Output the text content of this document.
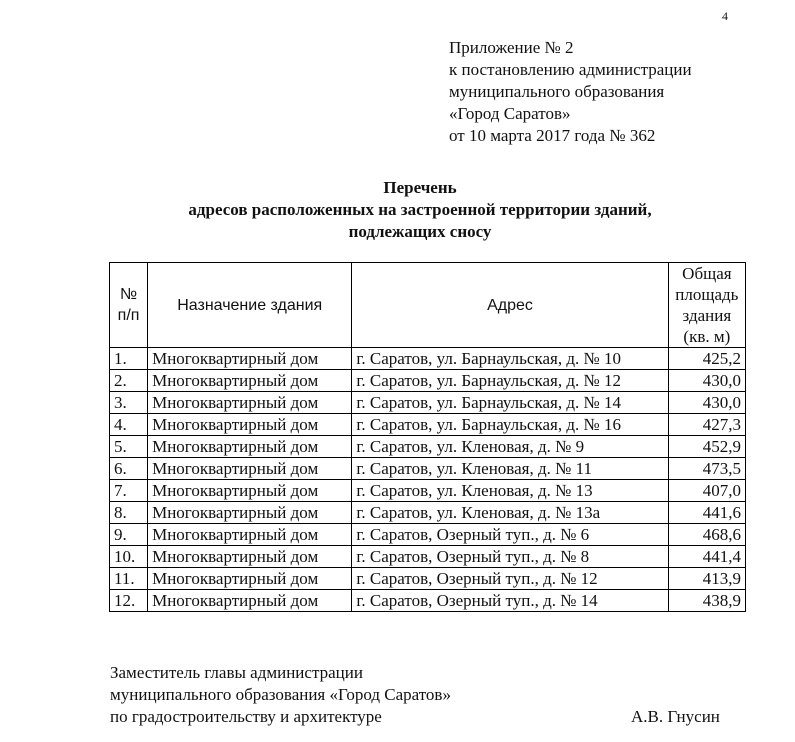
4
Приложение № 2
к постановлению администрации
муниципального образования
«Город Саратов»
от 10 марта 2017 года № 362
Перечень
адресов расположенных на застроенной территории зданий,
подлежащих сносу
№
п/п	Назначение здания	Адрес	Общая площадь здания (кв. м)
1.	Многоквартирный дом	г. Саратов, ул. Барнаульская, д. № 10	425,2
2.	Многоквартирный дом	г. Саратов, ул. Барнаульская, д. № 12	430,0
3.	Многоквартирный дом	г. Саратов, ул. Барнаульская, д. № 14	430,0
4.	Многоквартирный дом	г. Саратов, ул. Барнаульская, д. № 16	427,3
5.	Многоквартирный дом	г. Саратов, ул. Кленовая, д. № 9	452,9
6.	Многоквартирный дом	г. Саратов, ул. Кленовая, д. № 11	473,5
7.	Многоквартирный дом	г. Саратов, ул. Кленовая, д. № 13	407,0
8.	Многоквартирный дом	г. Саратов, ул. Кленовая, д. № 13а	441,6
9.	Многоквартирный дом	г. Саратов, Озерный туп., д. № 6	468,6
10.	Многоквартирный дом	г. Саратов, Озерный туп., д. № 8	441,4
11.	Многоквартирный дом	г. Саратов, Озерный туп., д. № 12	413,9
12.	Многоквартирный дом	г. Саратов, Озерный туп., д. № 14	438,9
Заместитель главы администрации
муниципального образования «Город Саратов»
по градостроительству и архитектуре	А.В. Гнусин
